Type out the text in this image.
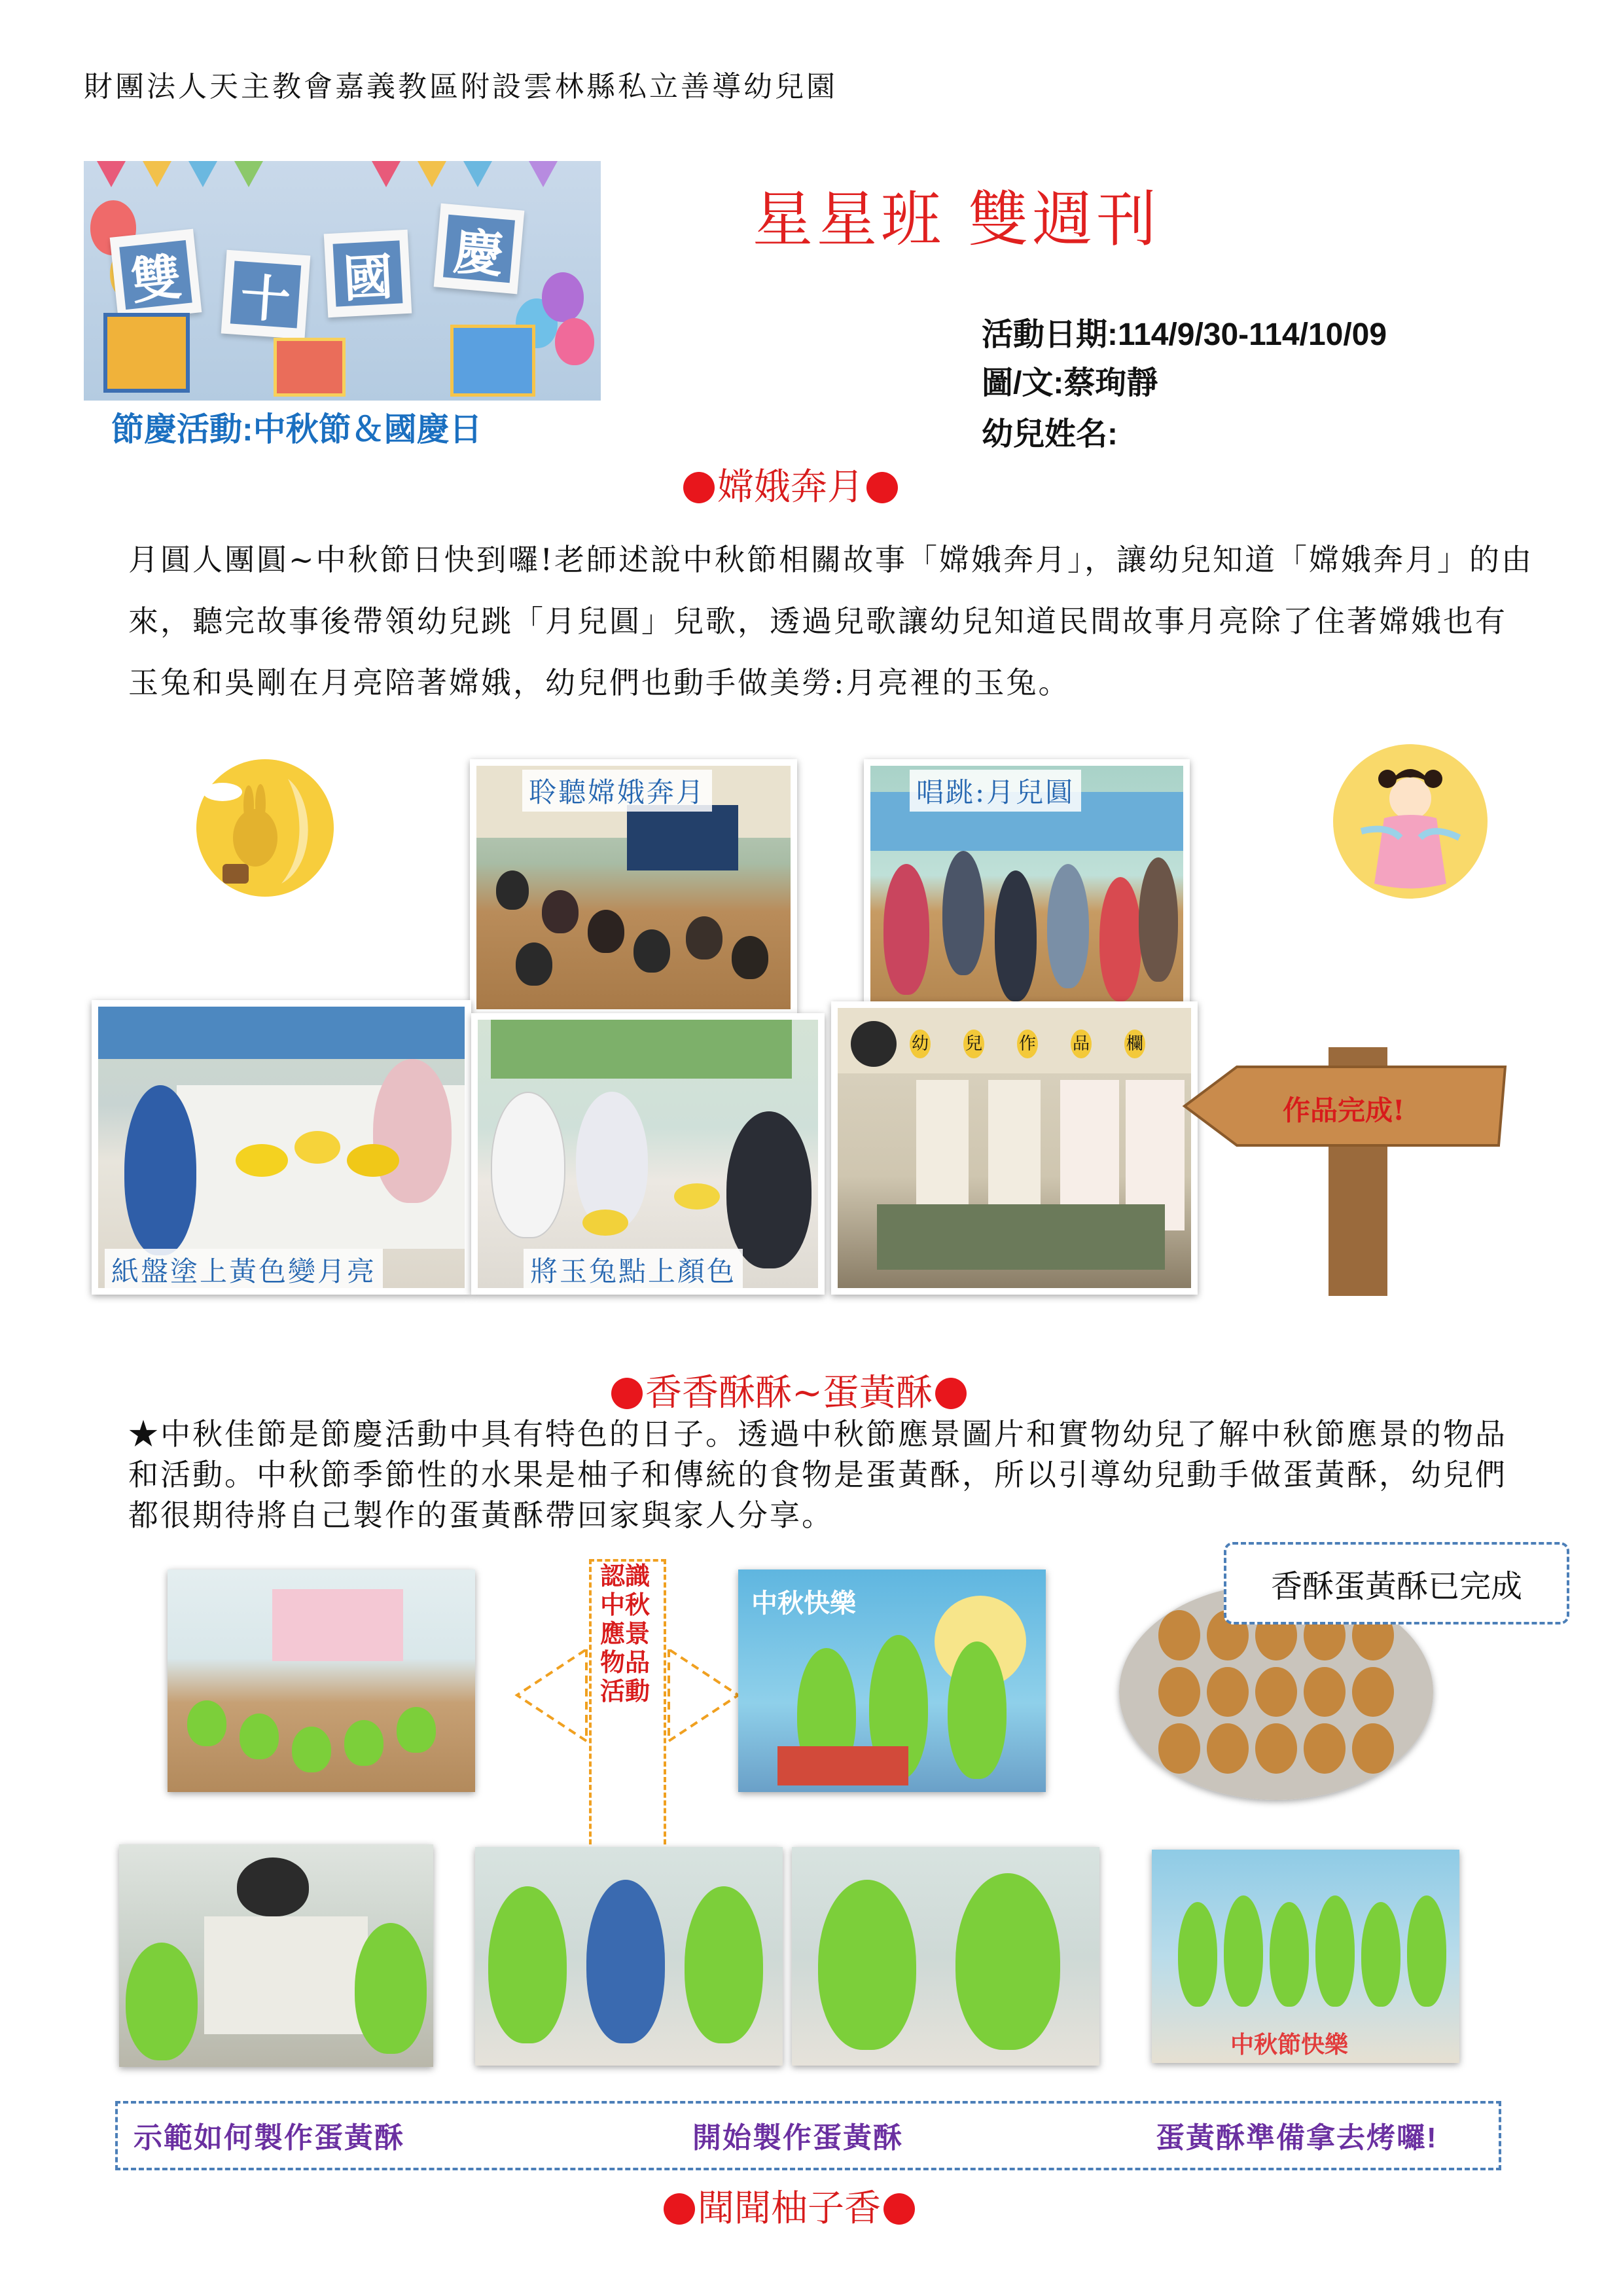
財團法人天主教會嘉義教區附設雲林縣私立善導幼兒園
雙 十 國 慶
節慶活動:中秋節＆國慶日
星星班 雙週刊
活動日期:114/9/30-114/10/09
圖/文:蔡珣靜
幼兒姓名:
嫦娥奔月
月圓人團圓~中秋節日快到囉!老師述說中秋節相關故事「嫦娥奔月」，讓幼兒知道「嫦娥奔月」的由來，聽完故事後帶領幼兒跳「月兒圓」兒歌，透過兒歌讓幼兒知道民間故事月亮除了住著嫦娥也有玉兔和吳剛在月亮陪著嫦娥，幼兒們也動手做美勞:月亮裡的玉兔。
聆聽嫦娥奔月	唱跳:月兒圓
紙盤塗上黃色變月亮	將玉兔點上顏色
幼 兒 作 品 欄
作品完成!
香香酥酥~蛋黃酥
★中秋佳節是節慶活動中具有特色的日子。透過中秋節應景圖片和實物幼兒了解中秋節應景的物品和活動。中秋節季節性的水果是柚子和傳統的食物是蛋黃酥，所以引導幼兒動手做蛋黃酥，幼兒們都很期待將自己製作的蛋黃酥帶回家與家人分享。
認識中秋應景物品活動
中秋快樂	香酥蛋黃酥已完成
中秋節快樂
示範如何製作蛋黃酥	開始製作蛋黃酥	蛋黃酥準備拿去烤囉!
聞聞柚子香
